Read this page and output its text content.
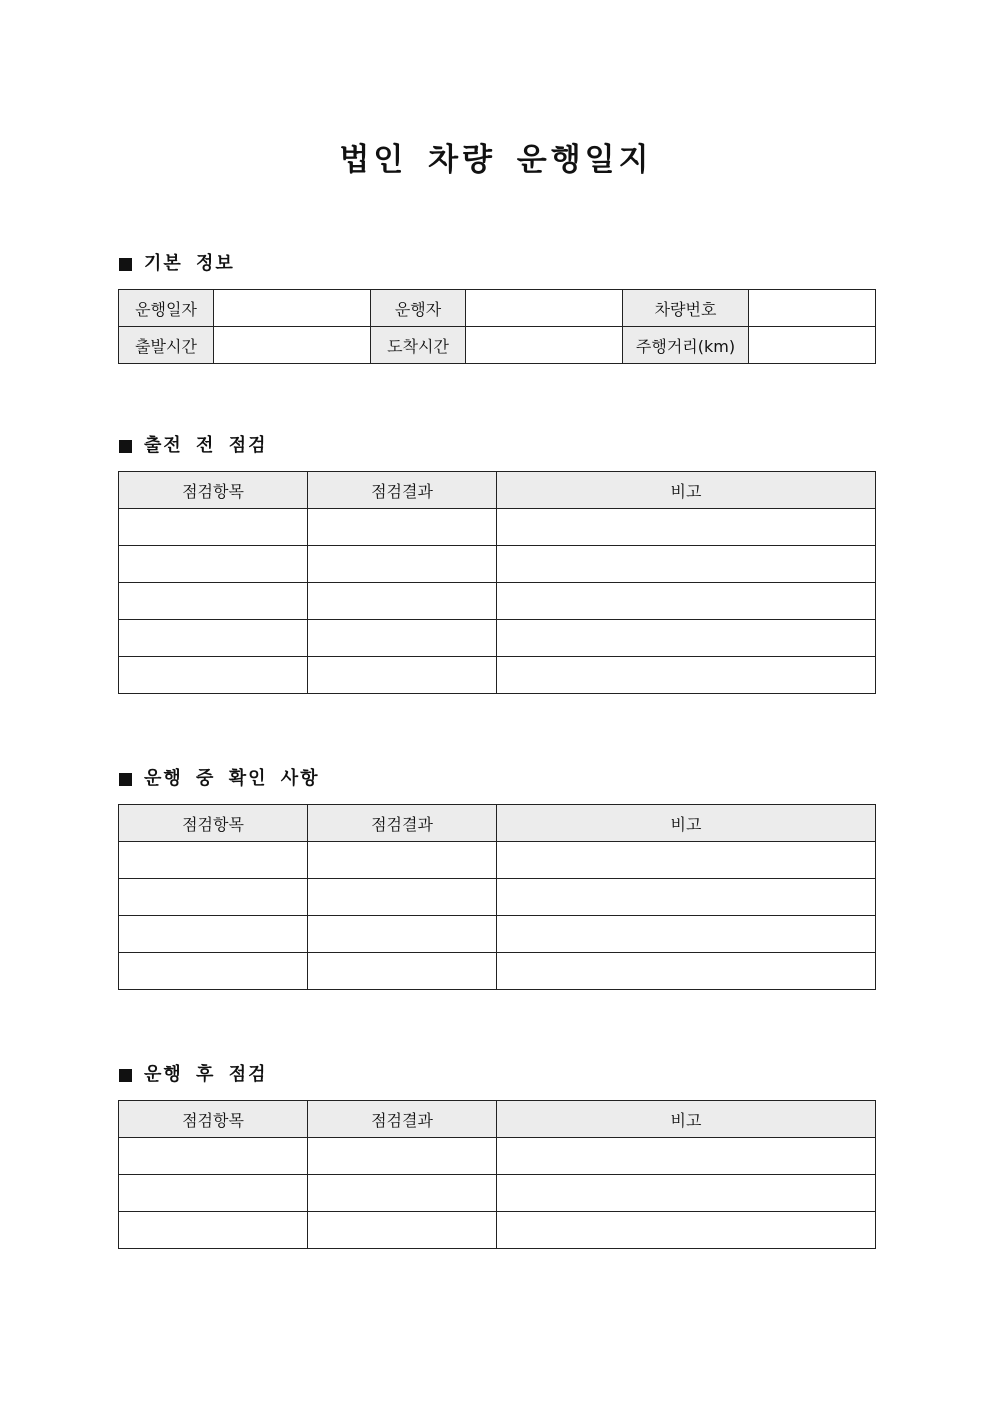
법인 차량 운행일지
기본 정보
운행일자		운행자		차량번호	
출발시간		도착시간		주행거리(km)	
출전 전 점검
점검항목	점검결과	비고

운행 중 확인 사항
점검항목	점검결과	비고

운행 후 점검
점검항목	점검결과	비고
